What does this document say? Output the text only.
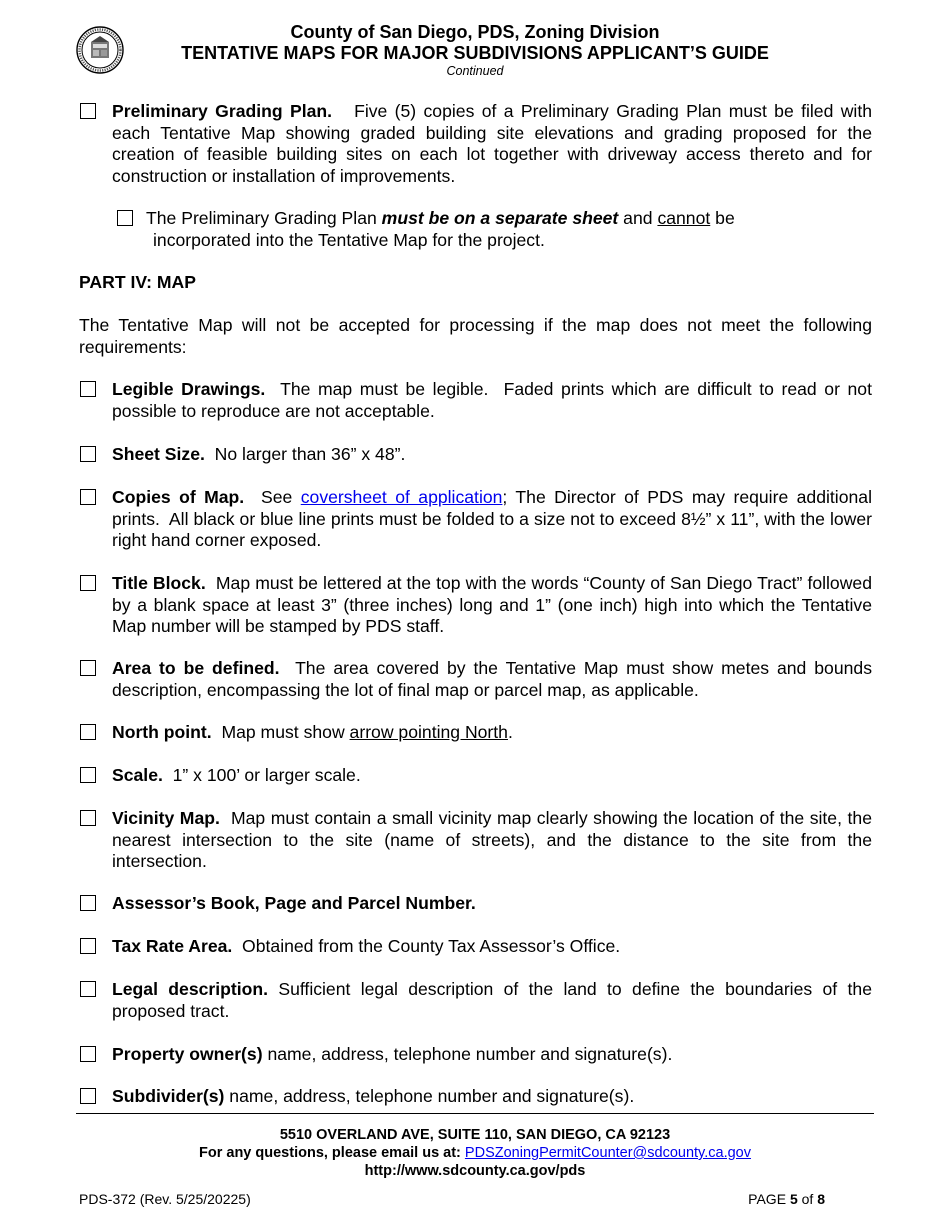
County of San Diego, PDS, Zoning Division
TENTATIVE MAPS FOR MAJOR SUBDIVISIONS APPLICANT’S GUIDE
Continued
Preliminary Grading Plan. Five (5) copies of a Preliminary Grading Plan must be filed with each Tentative Map showing graded building site elevations and grading proposed for the creation of feasible building sites on each lot together with driveway access thereto and for construction or installation of improvements.
The Preliminary Grading Plan must be on a separate sheet and cannot be
incorporated into the Tentative Map for the project.
PART IV: MAP
The Tentative Map will not be accepted for processing if the map does not meet the following requirements:
Legible Drawings.  The map must be legible.  Faded prints which are difficult to read or not possible to reproduce are not acceptable.
Sheet Size.  No larger than 36” x 48”.
Copies of Map.  See coversheet of application; The Director of PDS may require additional prints.  All black or blue line prints must be folded to a size not to exceed 8½” x 11”, with the lower right hand corner exposed.
Title Block.  Map must be lettered at the top with the words “County of San Diego Tract” followed by a blank space at least 3” (three inches) long and 1” (one inch) high into which the Tentative Map number will be stamped by PDS staff.
Area to be defined.  The area covered by the Tentative Map must show metes and bounds description, encompassing the lot of final map or parcel map, as applicable.
North point.  Map must show arrow pointing North.
Scale.  1” x 100’ or larger scale.
Vicinity Map.  Map must contain a small vicinity map clearly showing the location of the site, the nearest intersection to the site (name of streets), and the distance to the site from the intersection.
Assessor’s Book, Page and Parcel Number.
Tax Rate Area.  Obtained from the County Tax Assessor’s Office.
Legal description. Sufficient legal description of the land to define the boundaries of the proposed tract.
Property owner(s) name, address, telephone number and signature(s).
Subdivider(s) name, address, telephone number and signature(s).
5510 OVERLAND AVE, SUITE 110, SAN DIEGO, CA 92123
For any questions, please email us at: PDSZoningPermitCounter@sdcounty.ca.gov
http://www.sdcounty.ca.gov/pds
PDS-372 (Rev. 5/25/20225)	PAGE 5 of 8
